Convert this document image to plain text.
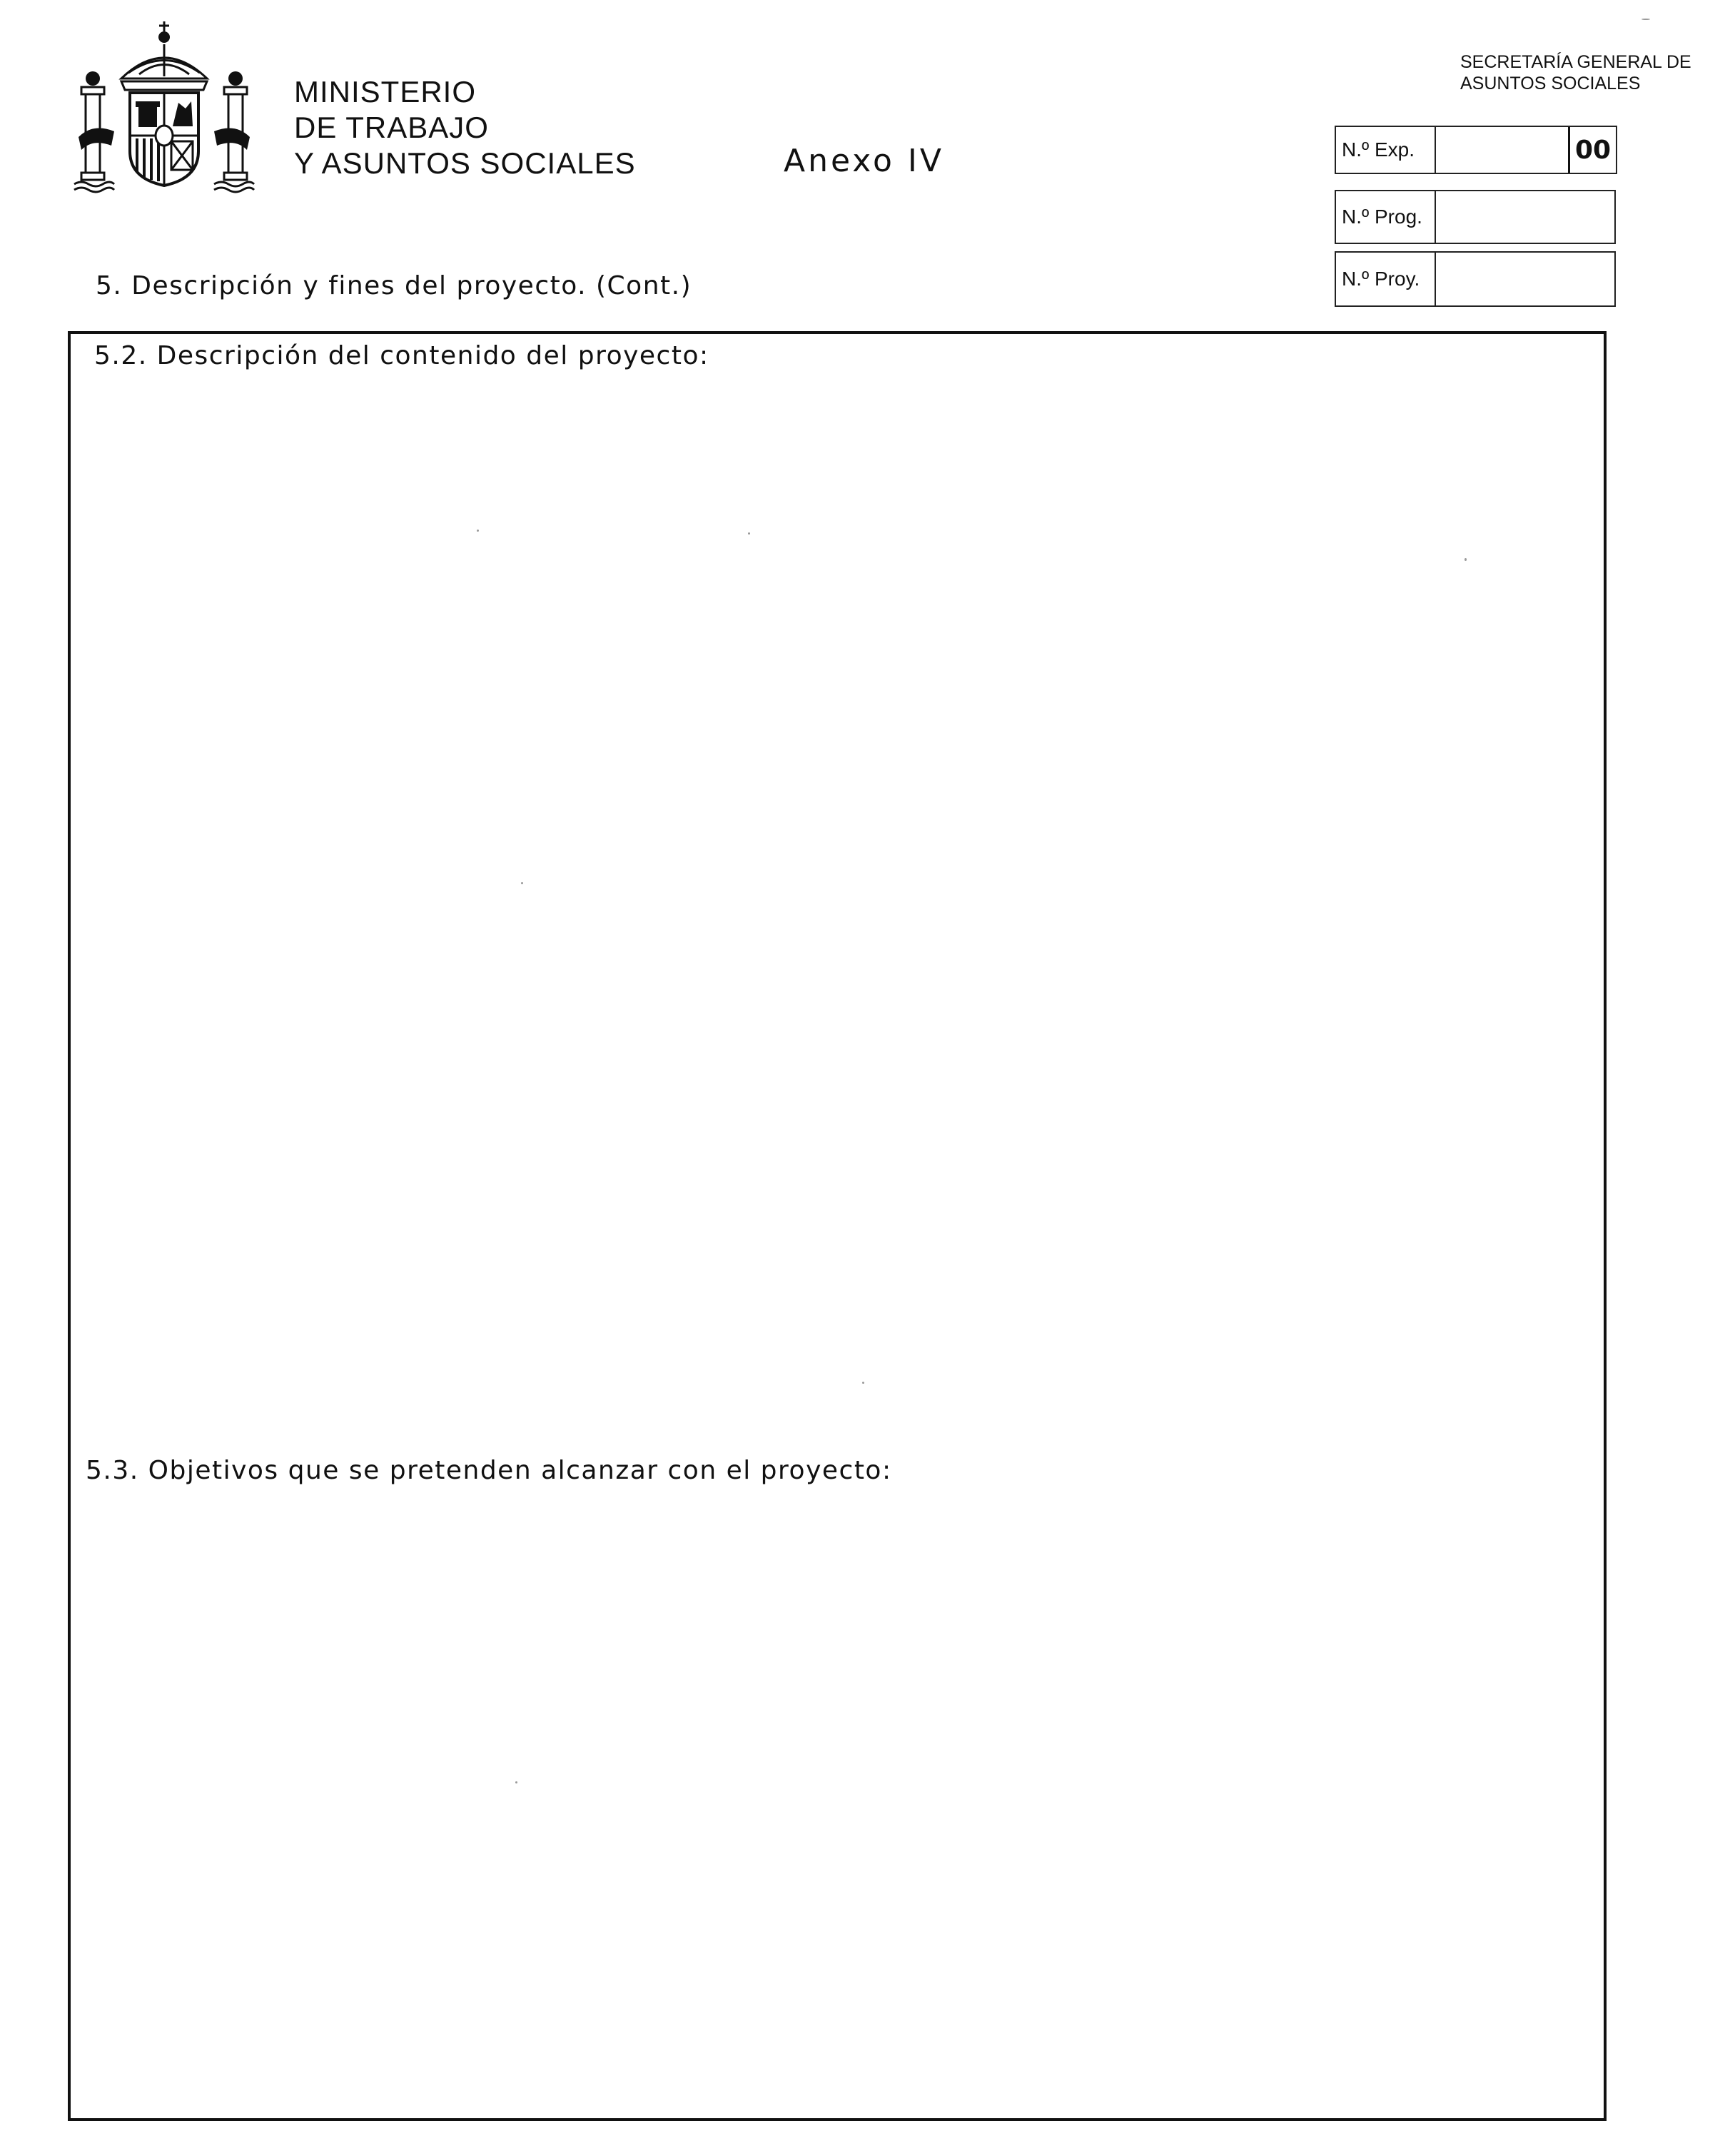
MINISTERIO
DE TRABAJO
Y ASUNTOS SOCIALES	Anexo IV
SECRETARÍA GENERAL DE
ASUNTOS SOCIALES
N.º Exp.	00
N.º Prog.
N.º Proy.
5. Descripción y fines del proyecto. (Cont.)
5.2. Descripción del contenido del proyecto:
5.3. Objetivos que se pretenden alcanzar con el proyecto:
